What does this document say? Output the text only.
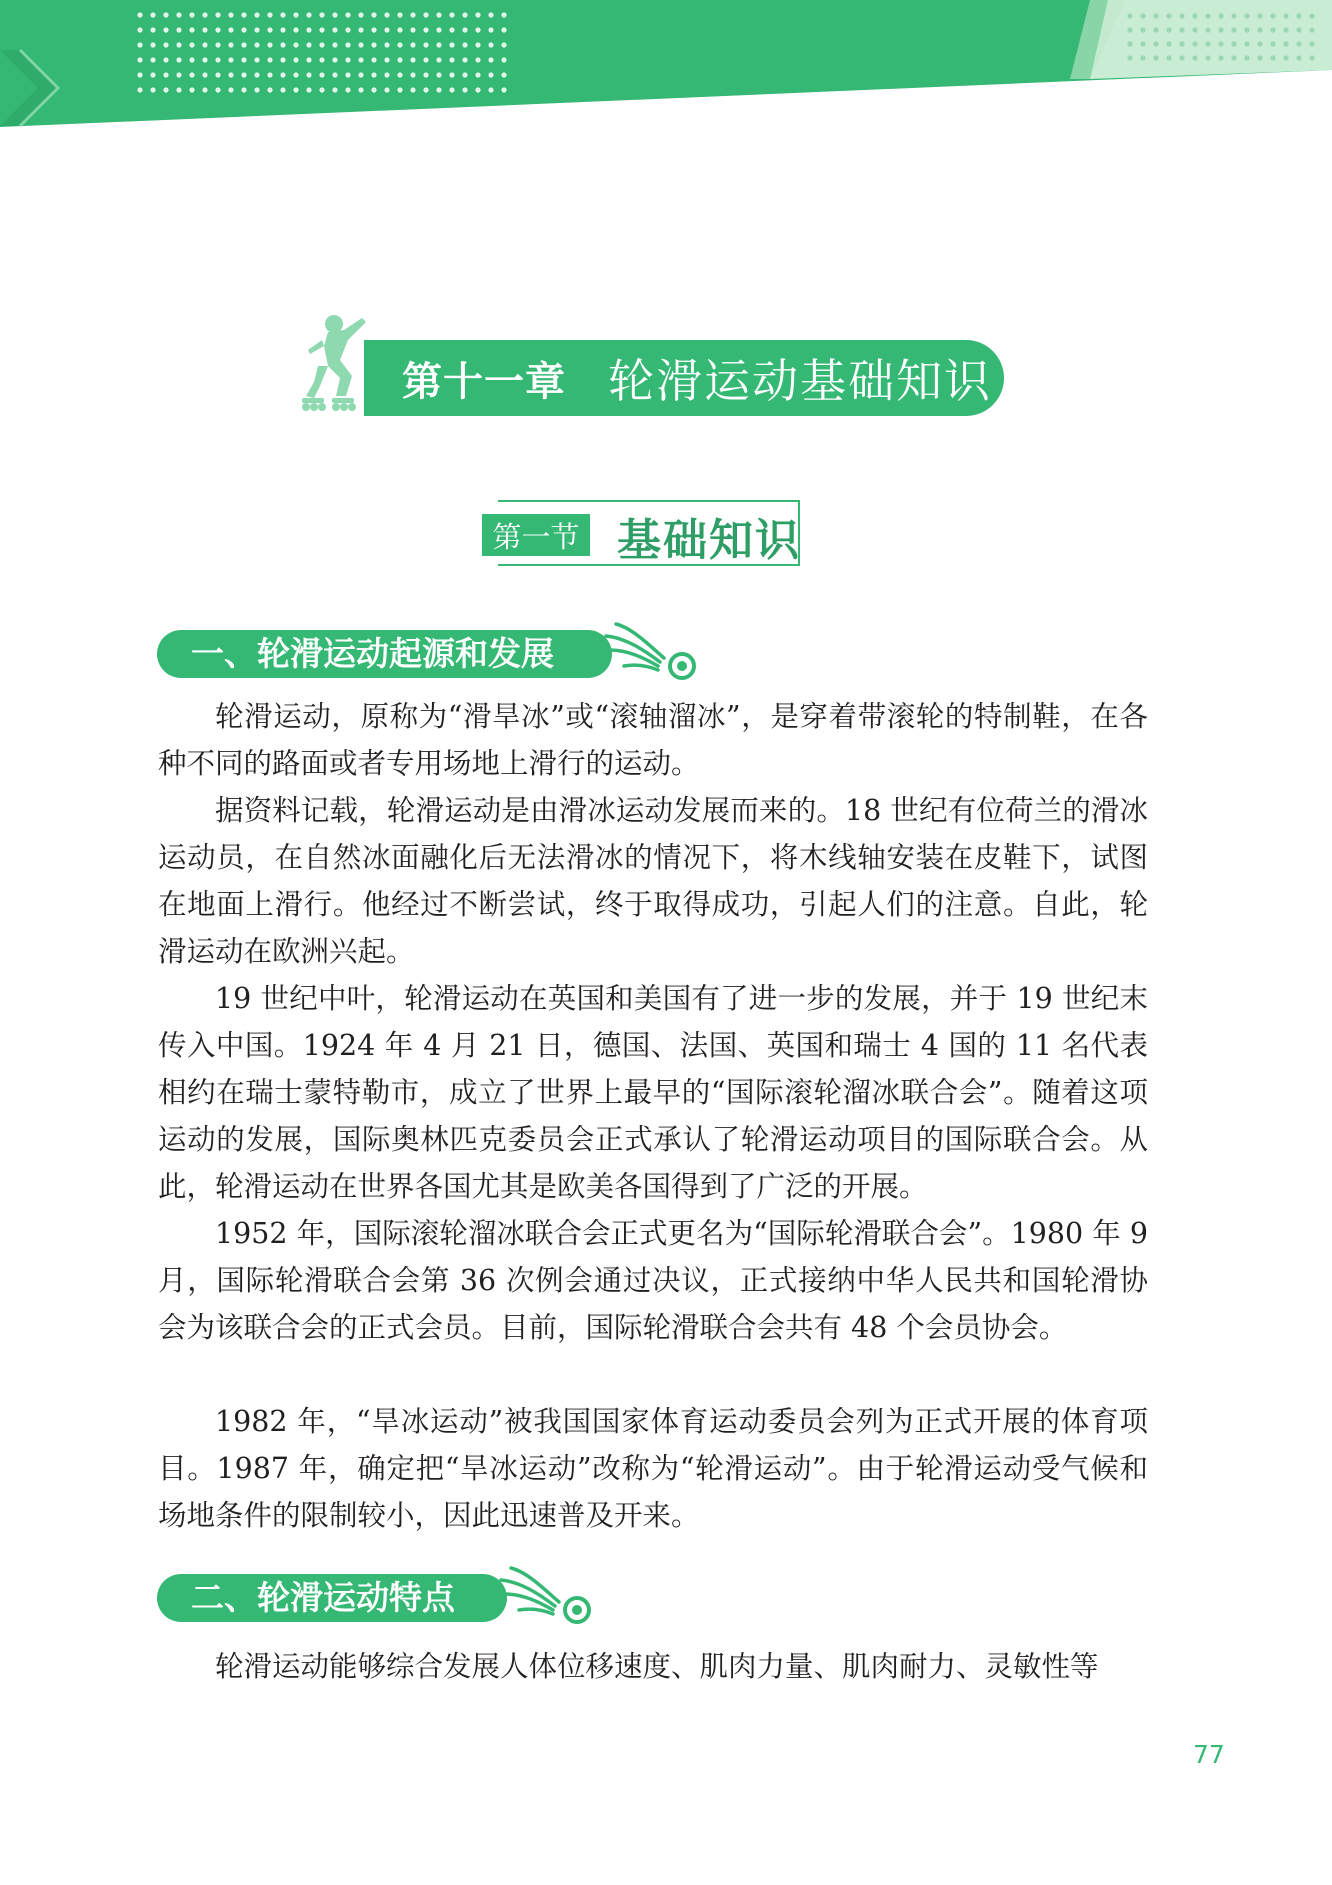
第十一章 轮滑运动基础知识
第一节 基础知识
一、轮滑运动起源和发展

轮滑运动，原称为“滑旱冰”或“滚轴溜冰”，是穿着带滚轮的特制鞋，在各种不同的路面或者专用场地上滑行的运动。

据资料记载，轮滑运动是由滑冰运动发展而来的。18 世纪有位荷兰的滑冰运动员，在自然冰面融化后无法滑冰的情况下，将木线轴安装在皮鞋下，试图在地面上滑行。他经过不断尝试，终于取得成功，引起人们的注意。自此，轮滑运动在欧洲兴起。

19 世纪中叶，轮滑运动在英国和美国有了进一步的发展，并于 19 世纪末传入中国。1924 年 4 月 21 日，德国、法国、英国和瑞士 4 国的 11 名代表相约在瑞士蒙特勒市，成立了世界上最早的“国际滚轮溜冰联合会”。随着这项运动的发展，国际奥林匹克委员会正式承认了轮滑运动项目的国际联合会。从此，轮滑运动在世界各国尤其是欧美各国得到了广泛的开展。

1952 年，国际滚轮溜冰联合会正式更名为“国际轮滑联合会”。1980 年 9 月，国际轮滑联合会第 36 次例会通过决议，正式接纳中华人民共和国轮滑协会为该联合会的正式会员。目前，国际轮滑联合会共有 48 个会员协会。

1982 年，“旱冰运动”被我国国家体育运动委员会列为正式开展的体育项目。1987 年，确定把“旱冰运动”改称为“轮滑运动”。由于轮滑运动受气候和场地条件的限制较小，因此迅速普及开来。

二、轮滑运动特点

轮滑运动能够综合发展人体位移速度、肌肉力量、肌肉耐力、灵敏性等

77
